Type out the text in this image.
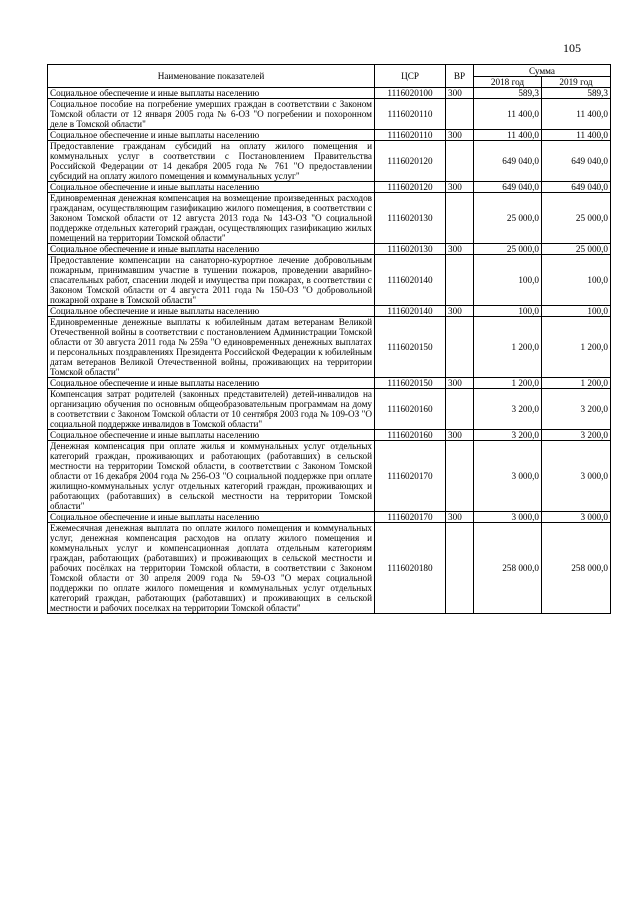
105
Наименование показателей	ЦСР	ВР	Сумма	
			2018 год	2019 год
Социальное обеспечение и иные выплаты населению	1116020100	300	589,3	589,3
Социальное пособие на погребение умерших граждан в соответствии с Законом Томской области от 12 января 2005 года № 6-ОЗ "О погребении и похоронном деле в Томской области"	1116020110		11 400,0	11 400,0
Социальное обеспечение и иные выплаты населению	1116020110	300	11 400,0	11 400,0
Предоставление гражданам субсидий на оплату жилого помещения и коммунальных услуг в соответствии с Постановлением Правительства Российской Федерации от 14 декабря 2005 года № 761 "О предоставлении субсидий на оплату жилого помещения и коммунальных услуг"	1116020120		649 040,0	649 040,0
Социальное обеспечение и иные выплаты населению	1116020120	300	649 040,0	649 040,0
Единовременная денежная компенсация на возмещение произведенных расходов гражданам, осуществляющим газификацию жилого помещения, в соответствии с Законом Томской области от 12 августа 2013 года № 143-ОЗ "О социальной поддержке отдельных категорий граждан, осуществляющих газификацию жилых помещений на территории Томской области"	1116020130		25 000,0	25 000,0
Социальное обеспечение и иные выплаты населению	1116020130	300	25 000,0	25 000,0
Предоставление компенсации на санаторно-курортное лечение добровольным пожарным, принимавшим участие в тушении пожаров, проведении аварийно-спасательных работ, спасении людей и имущества при пожарах, в соответствии с Законом Томской области от 4 августа 2011 года № 150-ОЗ "О добровольной пожарной охране в Томской области"	1116020140		100,0	100,0
Социальное обеспечение и иные выплаты населению	1116020140	300	100,0	100,0
Единовременные денежные выплаты к юбилейным датам ветеранам Великой Отечественной войны в соответствии с постановлением Администрации Томской области от 30 августа 2011 года № 259а "О единовременных денежных выплатах и персональных поздравлениях Президента Российской Федерации к юбилейным датам ветеранов Великой Отечественной войны, проживающих на территории Томской области"	1116020150		1 200,0	1 200,0
Социальное обеспечение и иные выплаты населению	1116020150	300	1 200,0	1 200,0
Компенсация затрат родителей (законных представителей) детей-инвалидов на организацию обучения по основным общеобразовательным программам на дому в соответствии с Законом Томской области от 10 сентября 2003 года № 109-ОЗ "О социальной поддержке инвалидов в Томской области"	1116020160		3 200,0	3 200,0
Социальное обеспечение и иные выплаты населению	1116020160	300	3 200,0	3 200,0
Денежная компенсация при оплате жилья и коммунальных услуг отдельных категорий граждан, проживающих и работающих (работавших) в сельской местности на территории Томской области, в соответствии с Законом Томской области от 16 декабря 2004 года № 256-ОЗ "О социальной поддержке при оплате жилищно-коммунальных услуг отдельных категорий граждан, проживающих и работающих (работавших) в сельской местности на территории Томской области"	1116020170		3 000,0	3 000,0
Социальное обеспечение и иные выплаты населению	1116020170	300	3 000,0	3 000,0
Ежемесячная денежная выплата по оплате жилого помещения и коммунальных услуг, денежная компенсация расходов на оплату жилого помещения и коммунальных услуг и компенсационная доплата отдельным категориям граждан, работающих (работавших) и проживающих в сельской местности и рабочих посёлках на территории Томской области, в соответствии с Законом Томской области от 30 апреля 2009 года № 59-ОЗ "О мерах социальной поддержки по оплате жилого помещения и коммунальных услуг отдельных категорий граждан, работающих (работавших) и проживающих в сельской местности и рабочих поселках на территории Томской области"	1116020180		258 000,0	258 000,0
